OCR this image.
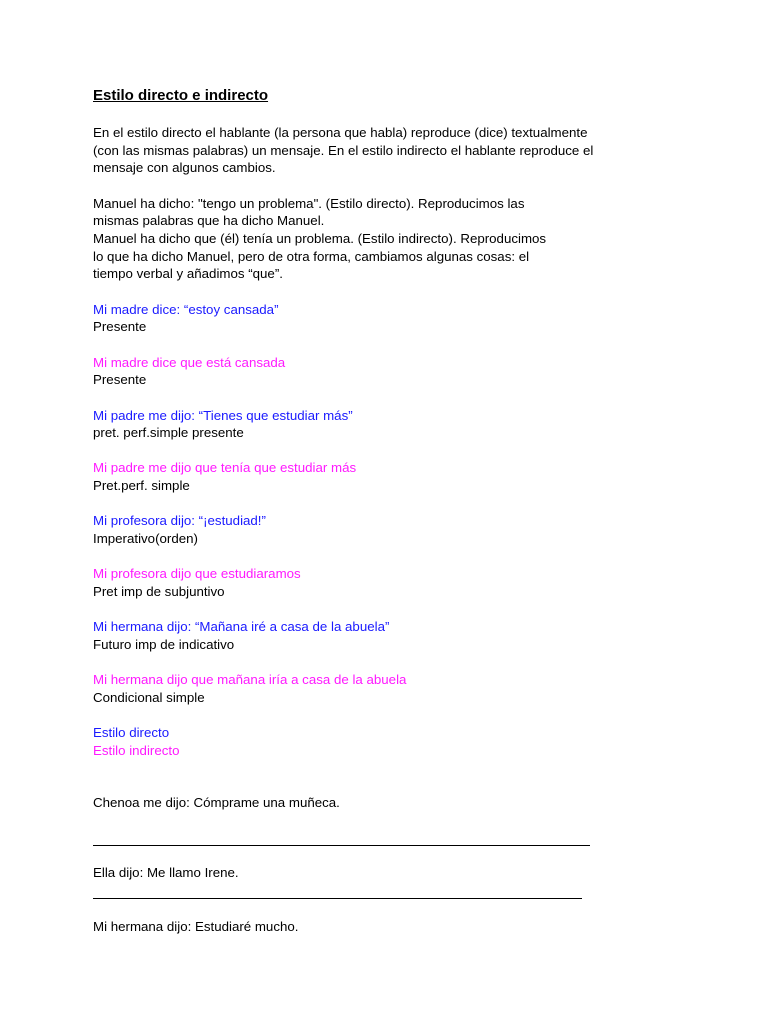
Estilo directo e indirecto
En el estilo directo el hablante (la persona que habla) reproduce (dice) textualmente
(con las mismas palabras) un mensaje. En el estilo indirecto el hablante reproduce el
mensaje con algunos cambios.
Manuel ha dicho: "tengo un problema". (Estilo directo). Reproducimos las
mismas palabras que ha dicho Manuel.
Manuel ha dicho que (él) tenía un problema. (Estilo indirecto). Reproducimos
lo que ha dicho Manuel, pero de otra forma, cambiamos algunas cosas: el
tiempo verbal y añadimos “que”.
Mi madre dice: “estoy cansada”
Presente
Mi madre dice que está cansada
Presente
Mi padre me dijo: “Tienes que estudiar más”
pret. perf.simple presente
Mi padre me dijo que tenía que estudiar más
Pret.perf. simple
Mi profesora dijo: “¡estudiad!”
Imperativo(orden)
Mi profesora dijo que estudiaramos
Pret imp de subjuntivo
Mi hermana dijo: “Mañana iré a casa de la abuela”
Futuro imp de indicativo
Mi hermana dijo que mañana iría a casa de la abuela
Condicional simple
Estilo directo
Estilo indirecto
Chenoa me dijo: Cómprame una muñeca.
Ella dijo: Me llamo Irene.
Mi hermana dijo: Estudiaré mucho.
